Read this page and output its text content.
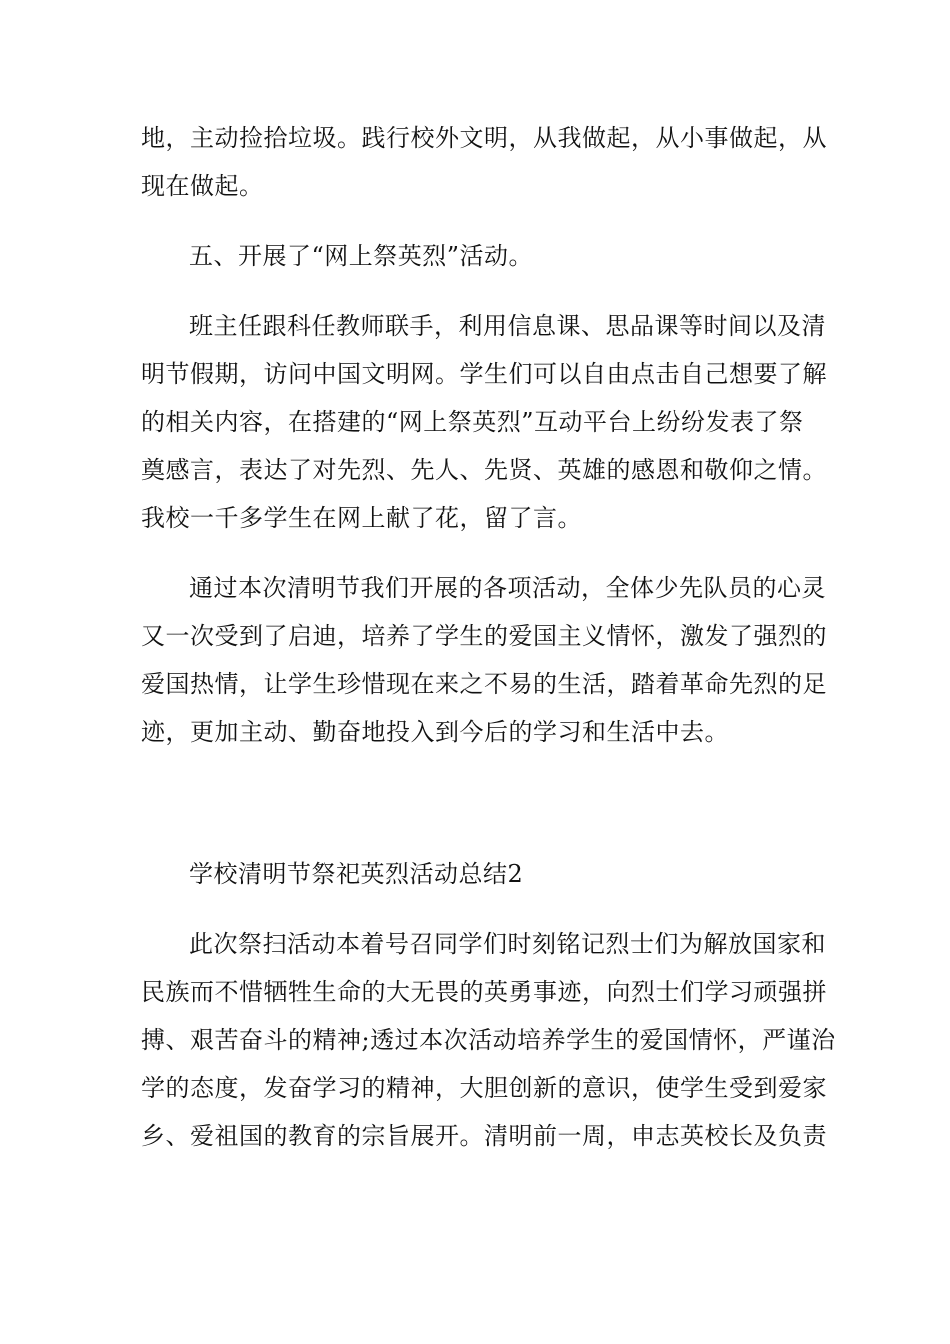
地，主动捡拾垃圾。践行校外文明，从我做起，从小事做起，从
现在做起。
五、开展了“网上祭英烈”活动。
班主任跟科任教师联手，利用信息课、思品课等时间以及清
明节假期，访问中国文明网。学生们可以自由点击自己想要了解
的相关内容，在搭建的“网上祭英烈”互动平台上纷纷发表了祭
奠感言，表达了对先烈、先人、先贤、英雄的感恩和敬仰之情。
我校一千多学生在网上献了花，留了言。
通过本次清明节我们开展的各项活动，全体少先队员的心灵
又一次受到了启迪，培养了学生的爱国主义情怀，激发了强烈的
爱国热情，让学生珍惜现在来之不易的生活，踏着革命先烈的足
迹，更加主动、勤奋地投入到今后的学习和生活中去。
学校清明节祭祀英烈活动总结2
此次祭扫活动本着号召同学们时刻铭记烈士们为解放国家和
民族而不惜牺牲生命的大无畏的英勇事迹，向烈士们学习顽强拼
搏、艰苦奋斗的精神;透过本次活动培养学生的爱国情怀，严谨治
学的态度，发奋学习的精神，大胆创新的意识，使学生受到爱家
乡、爱祖国的教育的宗旨展开。清明前一周，申志英校长及负责
